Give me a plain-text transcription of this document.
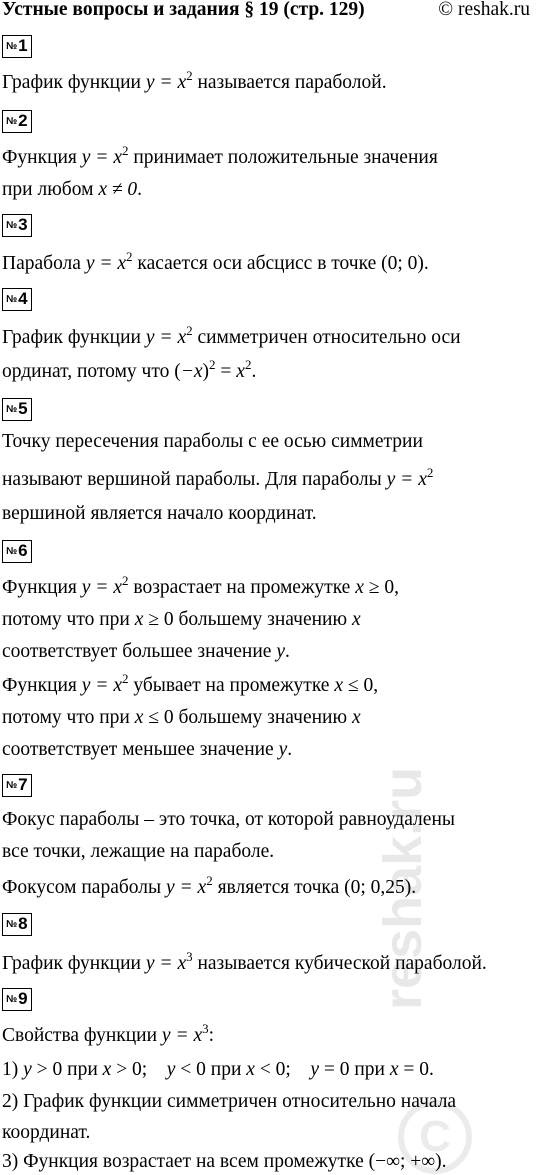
Устные вопросы и задания § 19 (стр. 129)	© reshak.ru
№1
График функции $y = x^2$ называется параболой.
№2
Функция $y = x^2$ принимает положительные значения
при любом x ≠ 0.
№3
Парабола $y = x^2$ касается оси абсцисс в точке (0; 0).
№4
График функции $y = x^2$ симметричен относительно оси
ординат, потому что $(-x)^2 = x^2$.
№5
Точку пересечения параболы с ее осью симметрии
называют вершиной параболы. Для параболы $y = x^2$
вершиной является начало координат.
№6
Функция $y = x^2$ возрастает на промежутке x ≥ 0,
потому что при x ≥ 0 большему значению x
соответствует большее значение y.
Функция $y = x^2$ убывает на промежутке x ≤ 0,
потому что при x ≤ 0 большему значению x
соответствует меньшее значение y.
№7
Фокус параболы – это точка, от которой равноудалены
все точки, лежащие на параболе.
Фокусом параболы $y = x^2$ является точка (0; 0,25).
№8
График функции $y = x^3$ называется кубической параболой.
№9
Свойства функции $y = x^3$:
1) y > 0 при x > 0;    y < 0 при x < 0;    y = 0 при x = 0.
2) График функции симметричен относительно начала
координат.
3) Функция возрастает на всем промежутке (−∞; +∞).
reshak.ru
C
